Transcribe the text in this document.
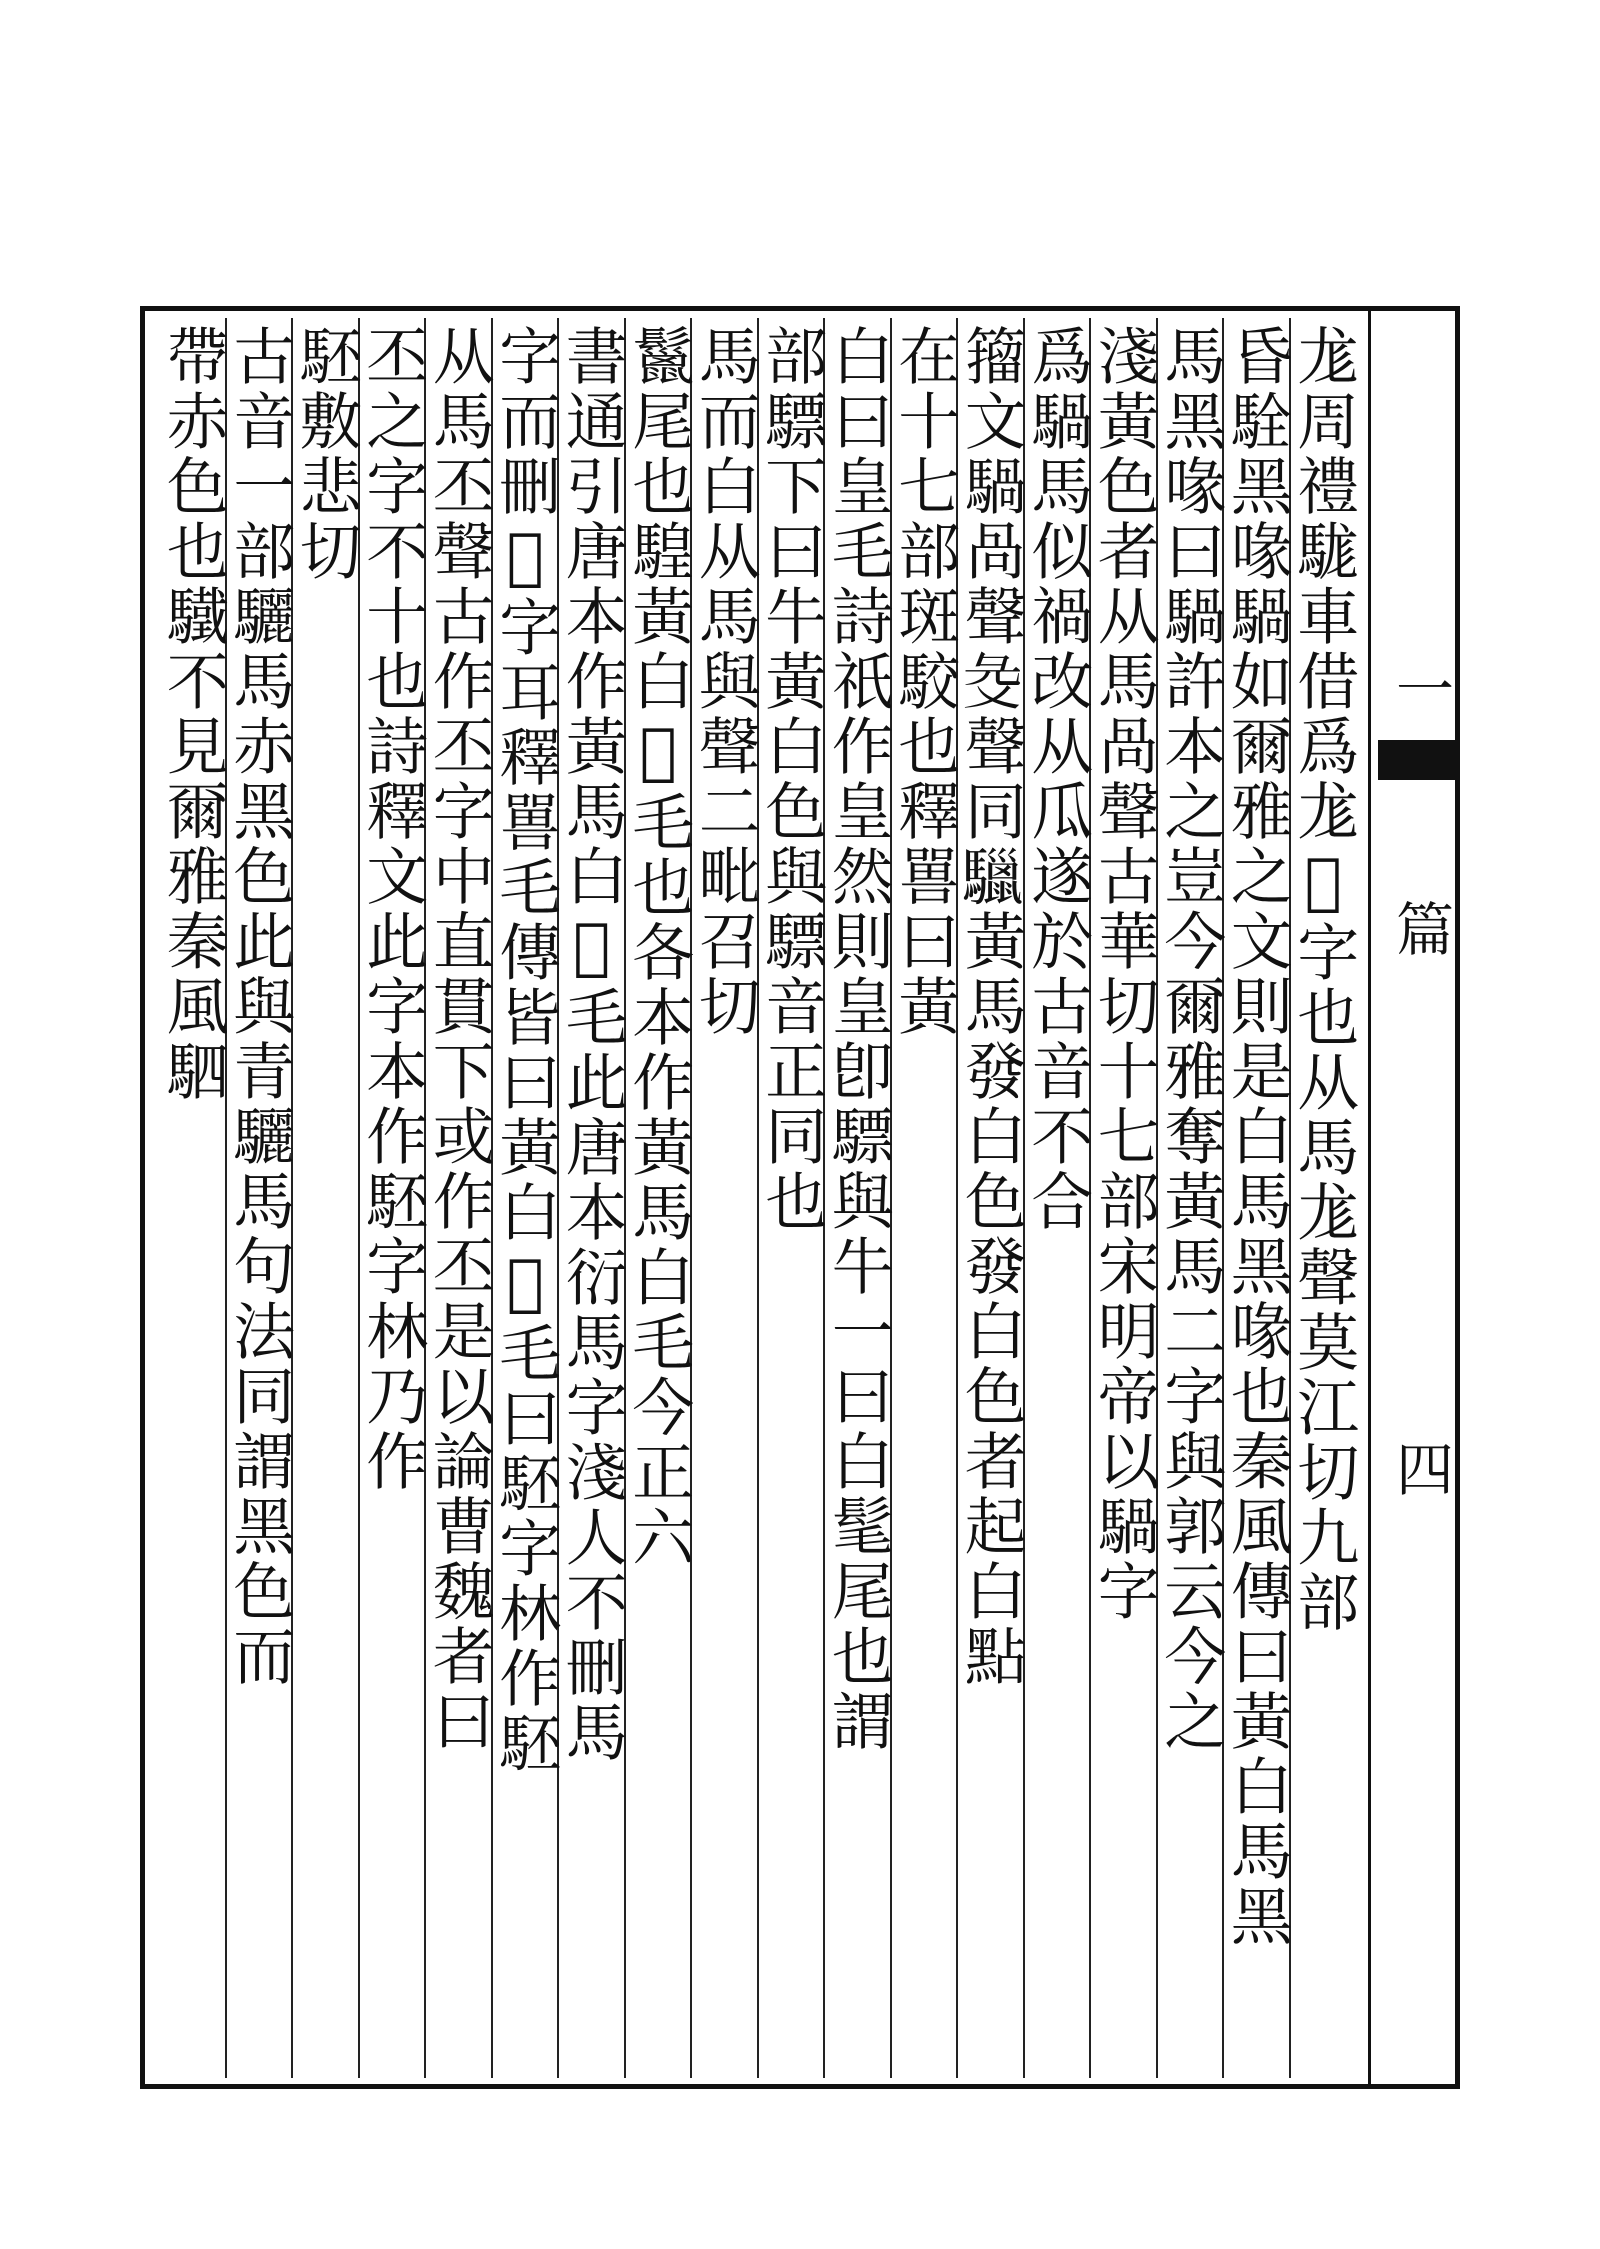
一
篇
四
尨周禮駹車借爲尨𢃄字也从馬尨聲莫江切九部
昏駩黑喙騧如爾雅之文則是白馬黑喙也秦風傳曰黃白馬黑
馬黑喙曰騧許本之豈今爾雅奪黃馬二字與郭云今之
淺黃色者从馬咼聲古華切十七部宋明帝以騧字
爲騧馬似禍改从瓜遂於古音不合
籀文騧咼聲𢑓聲同𩧆黃馬發白色發白色者起白點
在十七部斑駮也釋嘼曰黃
白曰皇毛詩祇作皇然則皇卽驃與牛一曰白髦尾也謂
部驃下曰牛黃白色與驃音正同也
馬而白从馬與聲二毗召切
鬣尾也騜黃白𢃄毛也各本作黃馬白毛今正六
書通引唐本作黃馬白𢃄毛此唐本衍馬字淺人不刪馬
字而刪𢃄字耳釋嘼毛傳皆曰黃白𢃄毛曰駓字林作駓
从馬丕聲古作丕字中直貫下或作丕是以論曹魏者曰
丕之字不十也詩釋文此字本作駓字林乃作
駓敷悲切
古音一部驪馬赤黑色此與青驪馬句法同謂黑色而
帶赤色也驖不見爾雅秦風駟
